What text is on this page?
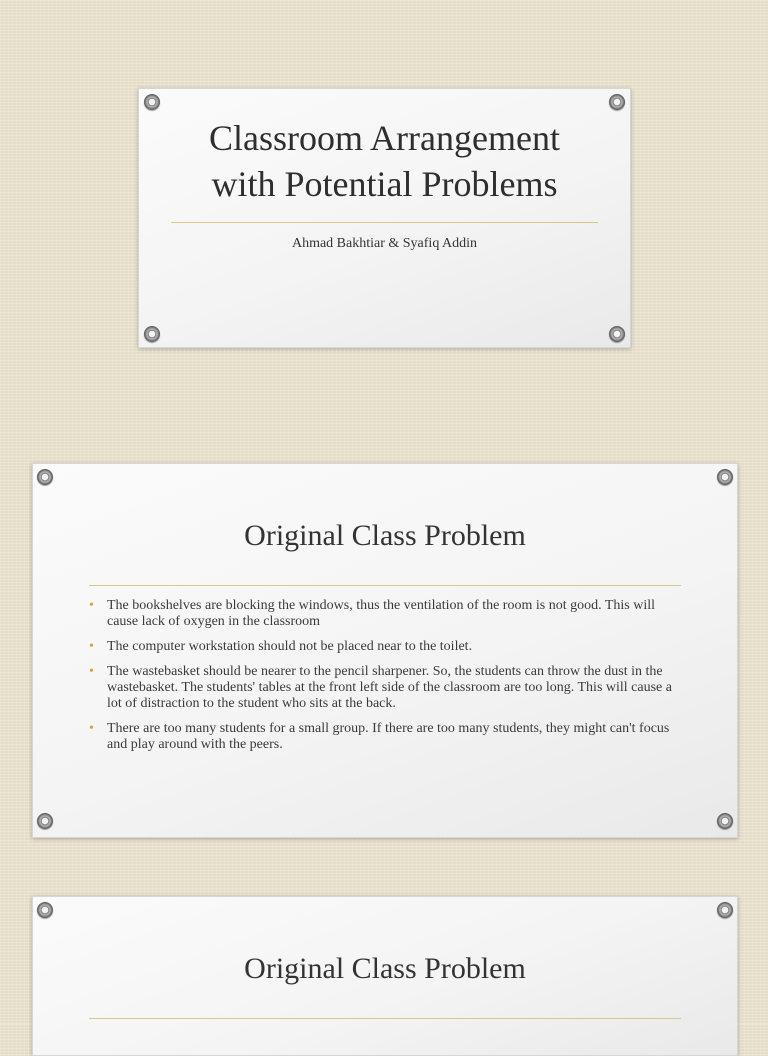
Classroom Arrangement
with Potential Problems
Ahmad Bakhtiar & Syafiq Addin
Original Class Problem
• The bookshelves are blocking the windows, thus the ventilation of the room is not good. This will cause lack of oxygen in the classroom
• The computer workstation should not be placed near to the toilet.
• The wastebasket should be nearer to the pencil sharpener. So, the students can throw the dust in the wastebasket. The students' tables at the front left side of the classroom are too long. This will cause a lot of distraction to the student who sits at the back.
• There are too many students for a small group. If there are too many students, they might can't focus and play around with the peers.
Original Class Problem
